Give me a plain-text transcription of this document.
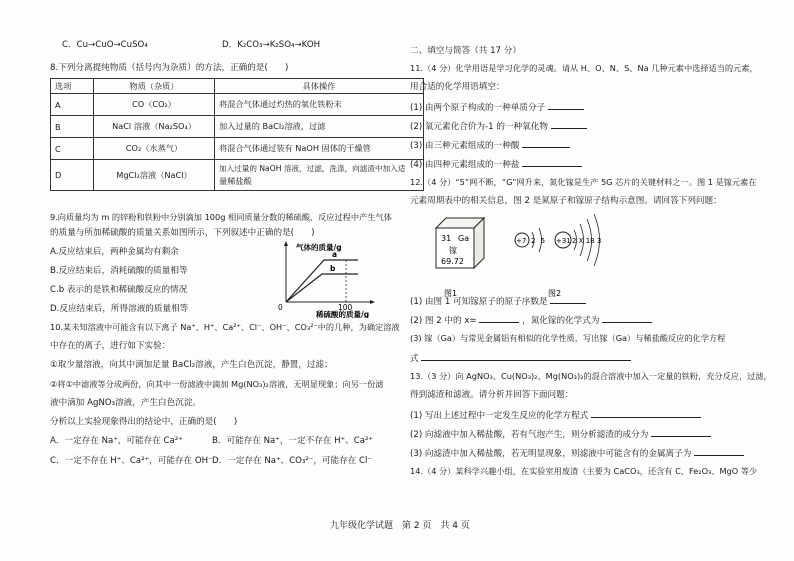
C．Cu→CuO→CuSO₄	D．K₂CO₃→K₂SO₄→KOH
8.下列分离提纯物质（括号内为杂质）的方法，正确的是(　　)
选项	物质（杂质）	具体操作
A	CO（CO₂）	将混合气体通过灼热的氧化铁粉末
B	NaCl 溶液（Na₂SO₄）	加入过量的 BaCl₂溶液，过滤
C	CO₂（水蒸气）	将混合气体通过装有 NaOH 固体的干燥管
D	MgCl₂溶液（NaCl）	加入过量的 NaOH 溶液，过滤，洗涤，向滤渣中加入适
量稀盐酸
9.向质量均为 m 的锌粉和铁粉中分别滴加 100g 相同质量分数的稀硫酸，反应过程中产生气体
的质量与所加稀硫酸的质量关系如图所示，下列叙述中正确的是(　　)
A.反应结束后，两种金属均有剩余
B.反应结束后，消耗硫酸的质量相等
C.b 表示的是铁和稀硫酸反应的情况
D.反应结束后，所得溶液的质量相等
气体的质量/g
a
b
0	100
稀硫酸的质量/g
10.某未知溶液中可能含有以下离子 Na⁺、H⁺、Ca²⁺、Cl⁻、OH⁻、CO₃²⁻中的几种，为确定溶液
中存在的离子，进行如下实验：
①取少量溶液，向其中滴加足量 BaCl₂溶液，产生白色沉淀，静置，过滤；
②将①中滤液等分成两份，向其中一份滤液中滴加 Mg(NO₃)₂溶液，无明显现象；向另一份滤
液中滴加 AgNO₃溶液，产生白色沉淀。
分析以上实验现象得出的结论中，正确的是(　　)
A．一定存在 Na⁺，可能存在 Ca²⁺	B．可能存在 Na⁺，一定不存在 H⁺、Ca²⁺
C．一定不存在 H⁺、Ca²⁺，可能存在 OH⁻ D．一定存在 Na⁺、CO₃²⁻，可能存在 Cl⁻
二、填空与简答（共 17 分）
11.（4 分）化学用语是学习化学的灵魂。请从 H、O、N、S、Na 几种元素中选择适当的元素，
用合适的化学用语填空：
(1) 由两个原子构成的一种单质分子
(2) 氧元素化合价为-1 的一种氧化物
(3) 由三种元素组成的一种酸
(4) 由四种元素组成的一种盐
12.（4 分）“5”网不断，“G”网升来，氮化镓是生产 5G 芯片的关键材料之一。图 1 是镓元素在
元素周期表中的相关信息，图 2 是氮原子和镓原子结构示意图。请回答下列问题：
31 Ga
镓
69.72
图1
+7 2 5 +31 2 X 18 3
图2
(1) 由图 1 可知镓原子的原子序数是
(2) 图 2 中的 x=	，氮化镓的化学式为
(3) 镓（Ga）与常见金属铝有相似的化学性质，写出镓（Ga）与稀盐酸反应的化学方程
式
13.（3 分）向 AgNO₃、Cu(NO₃)₂、Mg(NO₃)₂的混合溶液中加入一定量的铁粉，充分反应，过滤，
得到滤渣和滤液。请分析并回答下面问题：
(1) 写出上述过程中一定发生反应的化学方程式
(2) 向滤液中加入稀盐酸，若有气泡产生，则分析滤渣的成分为
(3) 向滤渣中加入稀盐酸，若无明显现象，则滤液中可能含有的金属离子为
14.（4 分）某科学兴趣小组，在实验室用废渣（主要为 CaCO₃，还含有 C、Fe₂O₃、MgO 等少
九年级化学试题　第 2 页　共 4 页
